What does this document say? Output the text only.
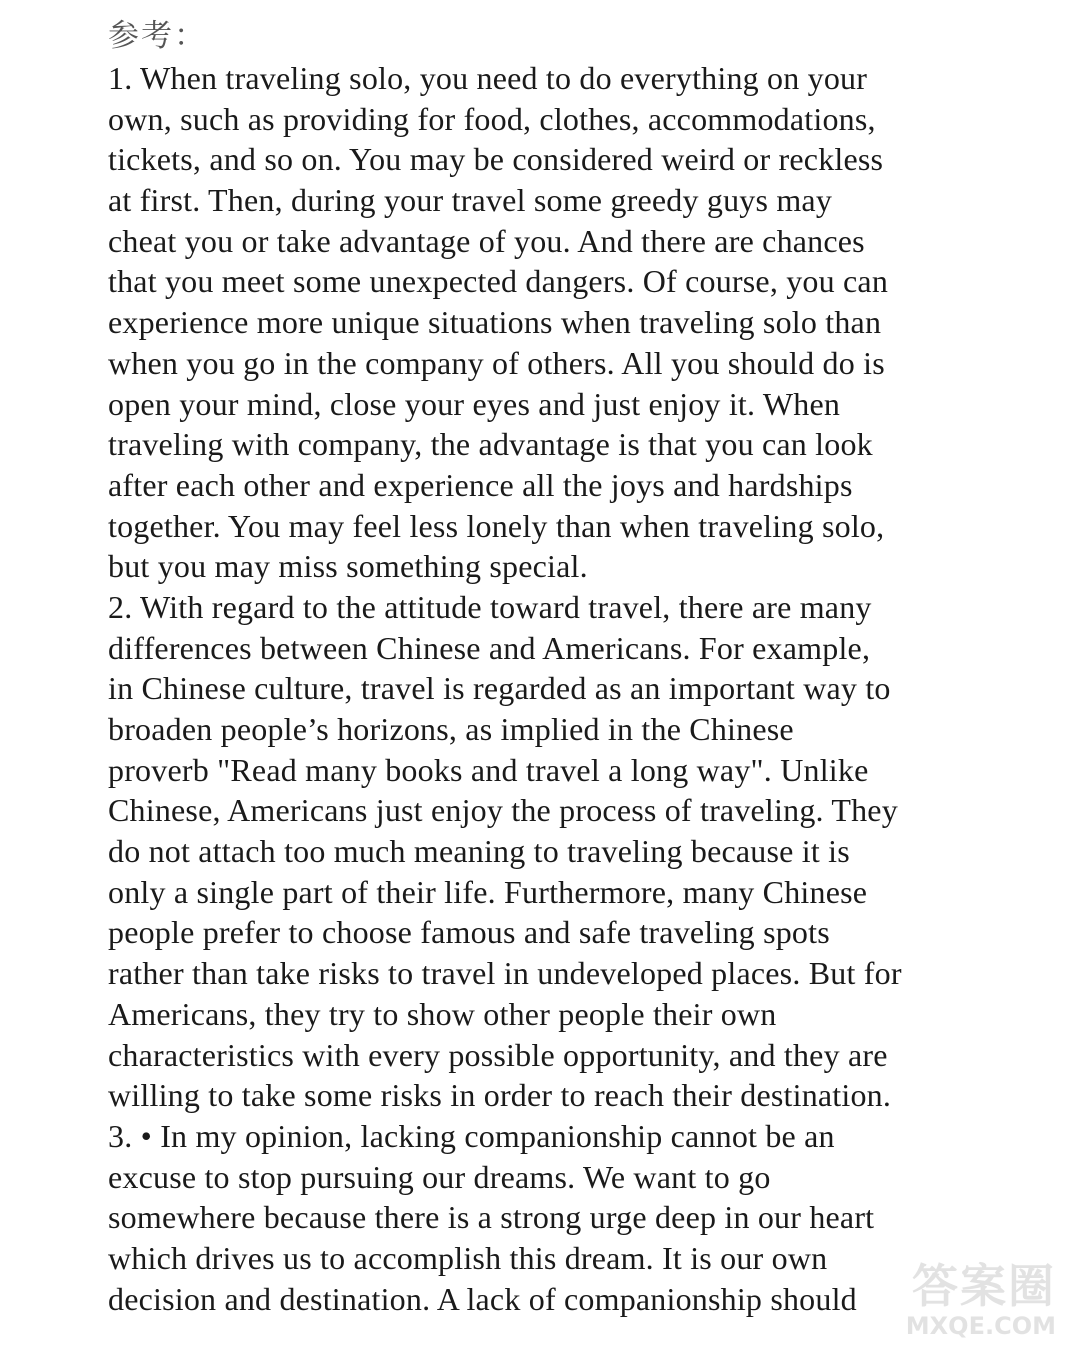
参考：
1. When traveling solo, you need to do everything on your
own, such as providing for food, clothes, accommodations,
tickets, and so on. You may be considered weird or reckless
at first. Then, during your travel some greedy guys may
cheat you or take advantage of you. And there are chances
that you meet some unexpected dangers. Of course, you can
experience more unique situations when traveling solo than
when you go in the company of others. All you should do is
open your mind, close your eyes and just enjoy it. When
traveling with company, the advantage is that you can look
after each other and experience all the joys and hardships
together. You may feel less lonely than when traveling solo,
but you may miss something special.
2. With regard to the attitude toward travel, there are many
differences between Chinese and Americans. For example,
in Chinese culture, travel is regarded as an important way to
broaden people’s horizons, as implied in the Chinese
proverb "Read many books and travel a long way". Unlike
Chinese, Americans just enjoy the process of traveling. They
do not attach too much meaning to traveling because it is
only a single part of their life. Furthermore, many Chinese
people prefer to choose famous and safe traveling spots
rather than take risks to travel in undeveloped places. But for
Americans, they try to show other people their own
characteristics with every possible opportunity, and they are
willing to take some risks in order to reach their destination.
3. • In my opinion, lacking companionship cannot be an
excuse to stop pursuing our dreams. We want to go
somewhere because there is a strong urge deep in our heart
which drives us to accomplish this dream. It is our own
decision and destination. A lack of companionship should	答案圈
MXQE.COM
